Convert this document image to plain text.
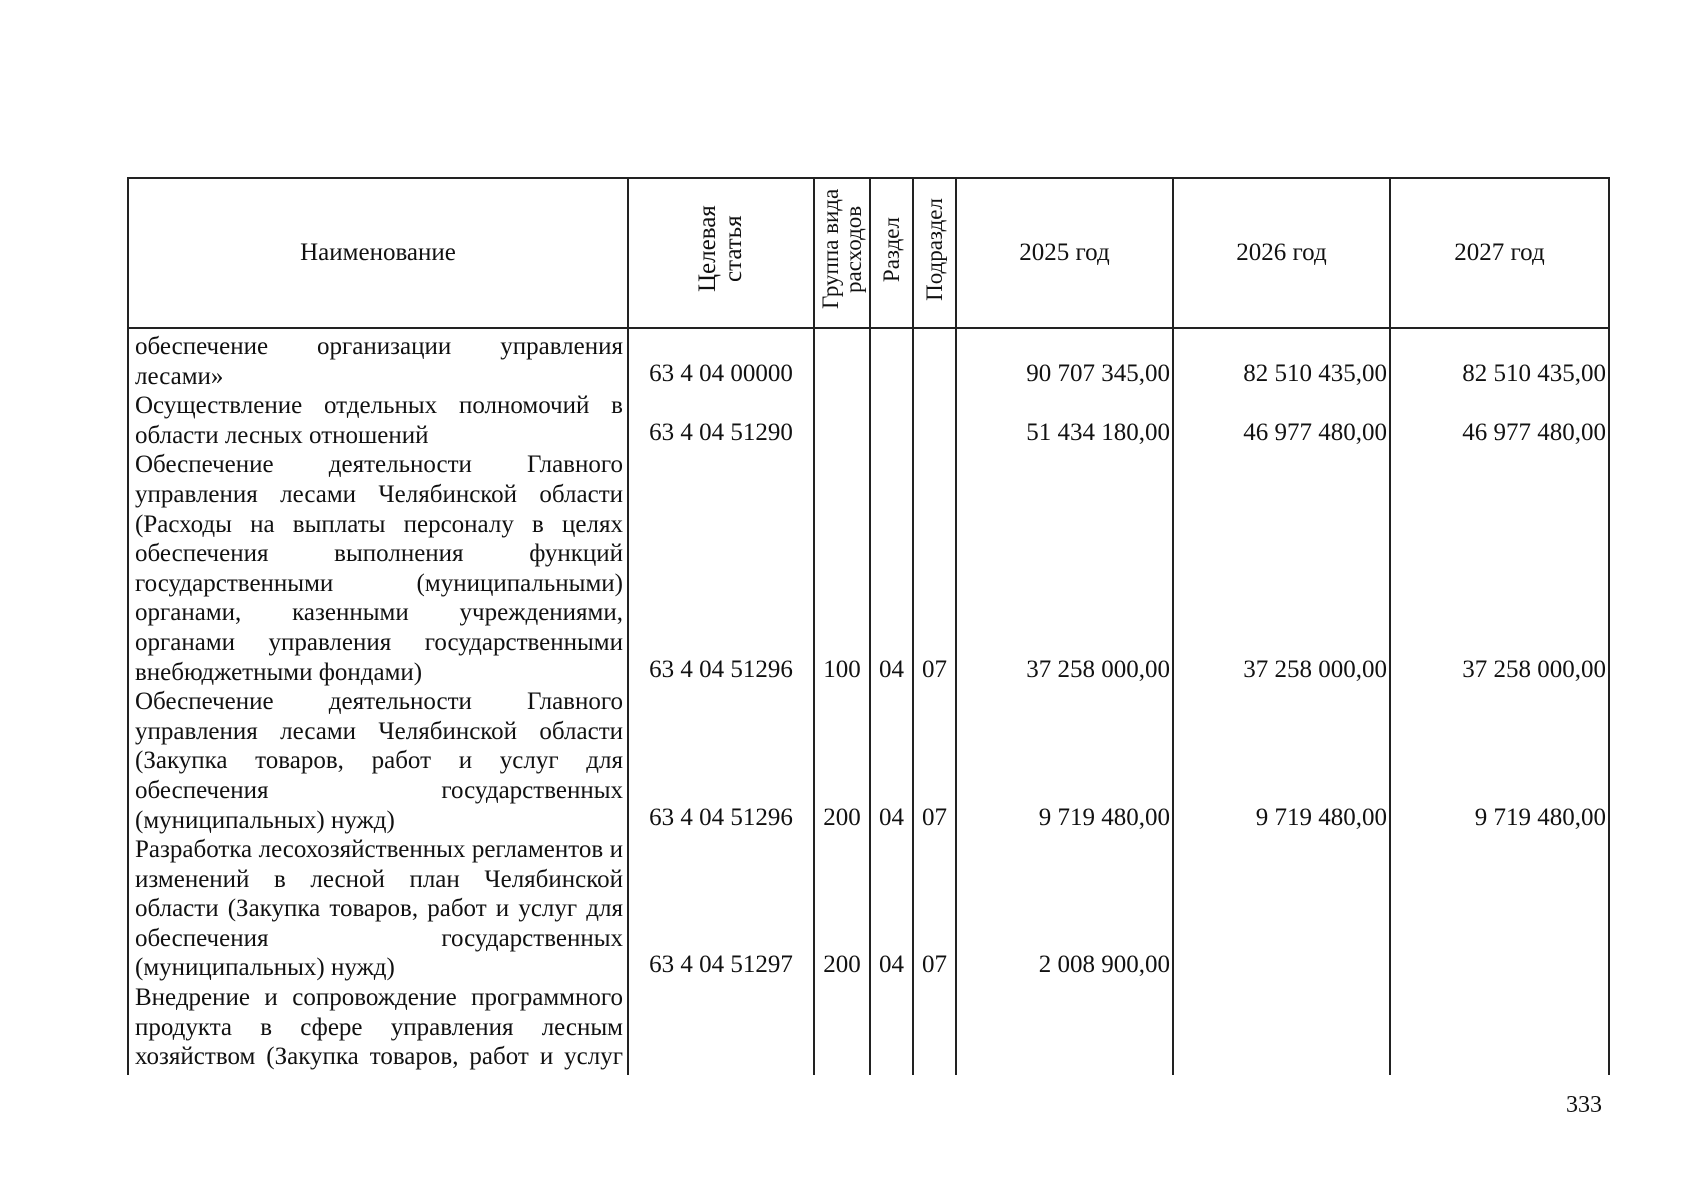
Наименование	Целевая статья	Группа вида расходов	Раздел	Подраздел	2025 год	2026 год	2027 год
обеспечение организации управления лесами»	63 4 04 00000				90 707 345,00	82 510 435,00	82 510 435,00
Осуществление отдельных полномочий в области лесных отношений	63 4 04 51290				51 434 180,00	46 977 480,00	46 977 480,00
Обеспечение деятельности Главного управления лесами Челябинской области (Расходы на выплаты персоналу в целях обеспечения выполнения функций государственными (муниципальными) органами, казенными учреждениями, органами управления государственными внебюджетными фондами)	63 4 04 51296	100	04	07	37 258 000,00	37 258 000,00	37 258 000,00
Обеспечение деятельности Главного управления лесами Челябинской области (Закупка товаров, работ и услуг для обеспечения государственных (муниципальных) нужд)	63 4 04 51296	200	04	07	9 719 480,00	9 719 480,00	9 719 480,00
Разработка лесохозяйственных регламентов и изменений в лесной план Челябинской области (Закупка товаров, работ и услуг для обеспечения государственных (муниципальных) нужд)	63 4 04 51297	200	04	07	2 008 900,00		
Внедрение и сопровождение программного продукта в сфере управления лесным хозяйством (Закупка товаров, работ и услуг							
333
